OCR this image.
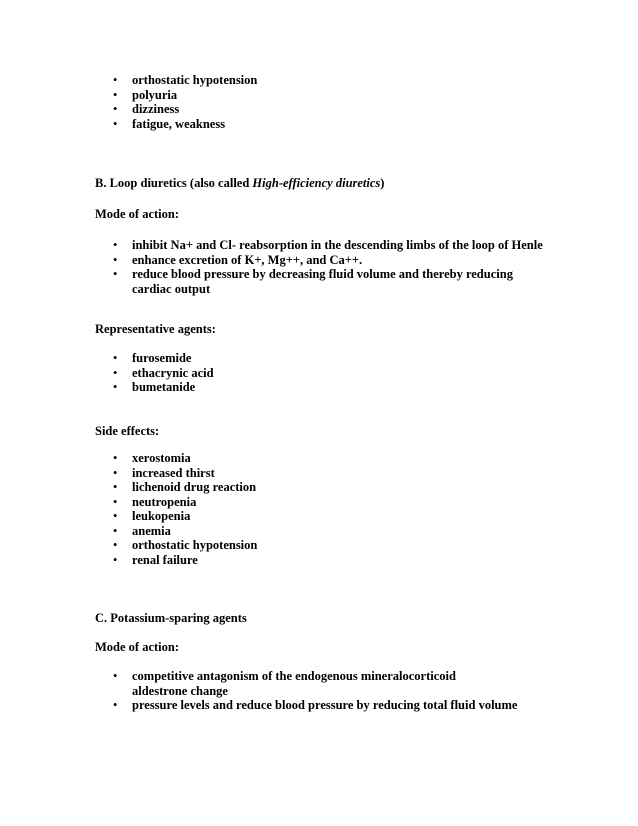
• orthostatic hypotension
• polyuria
• dizziness
• fatigue, weakness
B. Loop diuretics (also called High-efficiency diuretics)
Mode of action:
• inhibit Na+ and Cl- reabsorption in the descending limbs of the loop of Henle
• enhance excretion of K+, Mg++, and Ca++.
• reduce blood pressure by decreasing fluid volume and thereby reducing cardiac output
Representative agents:
• furosemide
• ethacrynic acid
• bumetanide
Side effects:
• xerostomia
• increased thirst
• lichenoid drug reaction
• neutropenia
• leukopenia
• anemia
• orthostatic hypotension
• renal failure
C. Potassium-sparing agents
Mode of action:
• competitive antagonism of the endogenous mineralocorticoid aldestrone change
• pressure levels and reduce blood pressure by reducing total fluid volume
